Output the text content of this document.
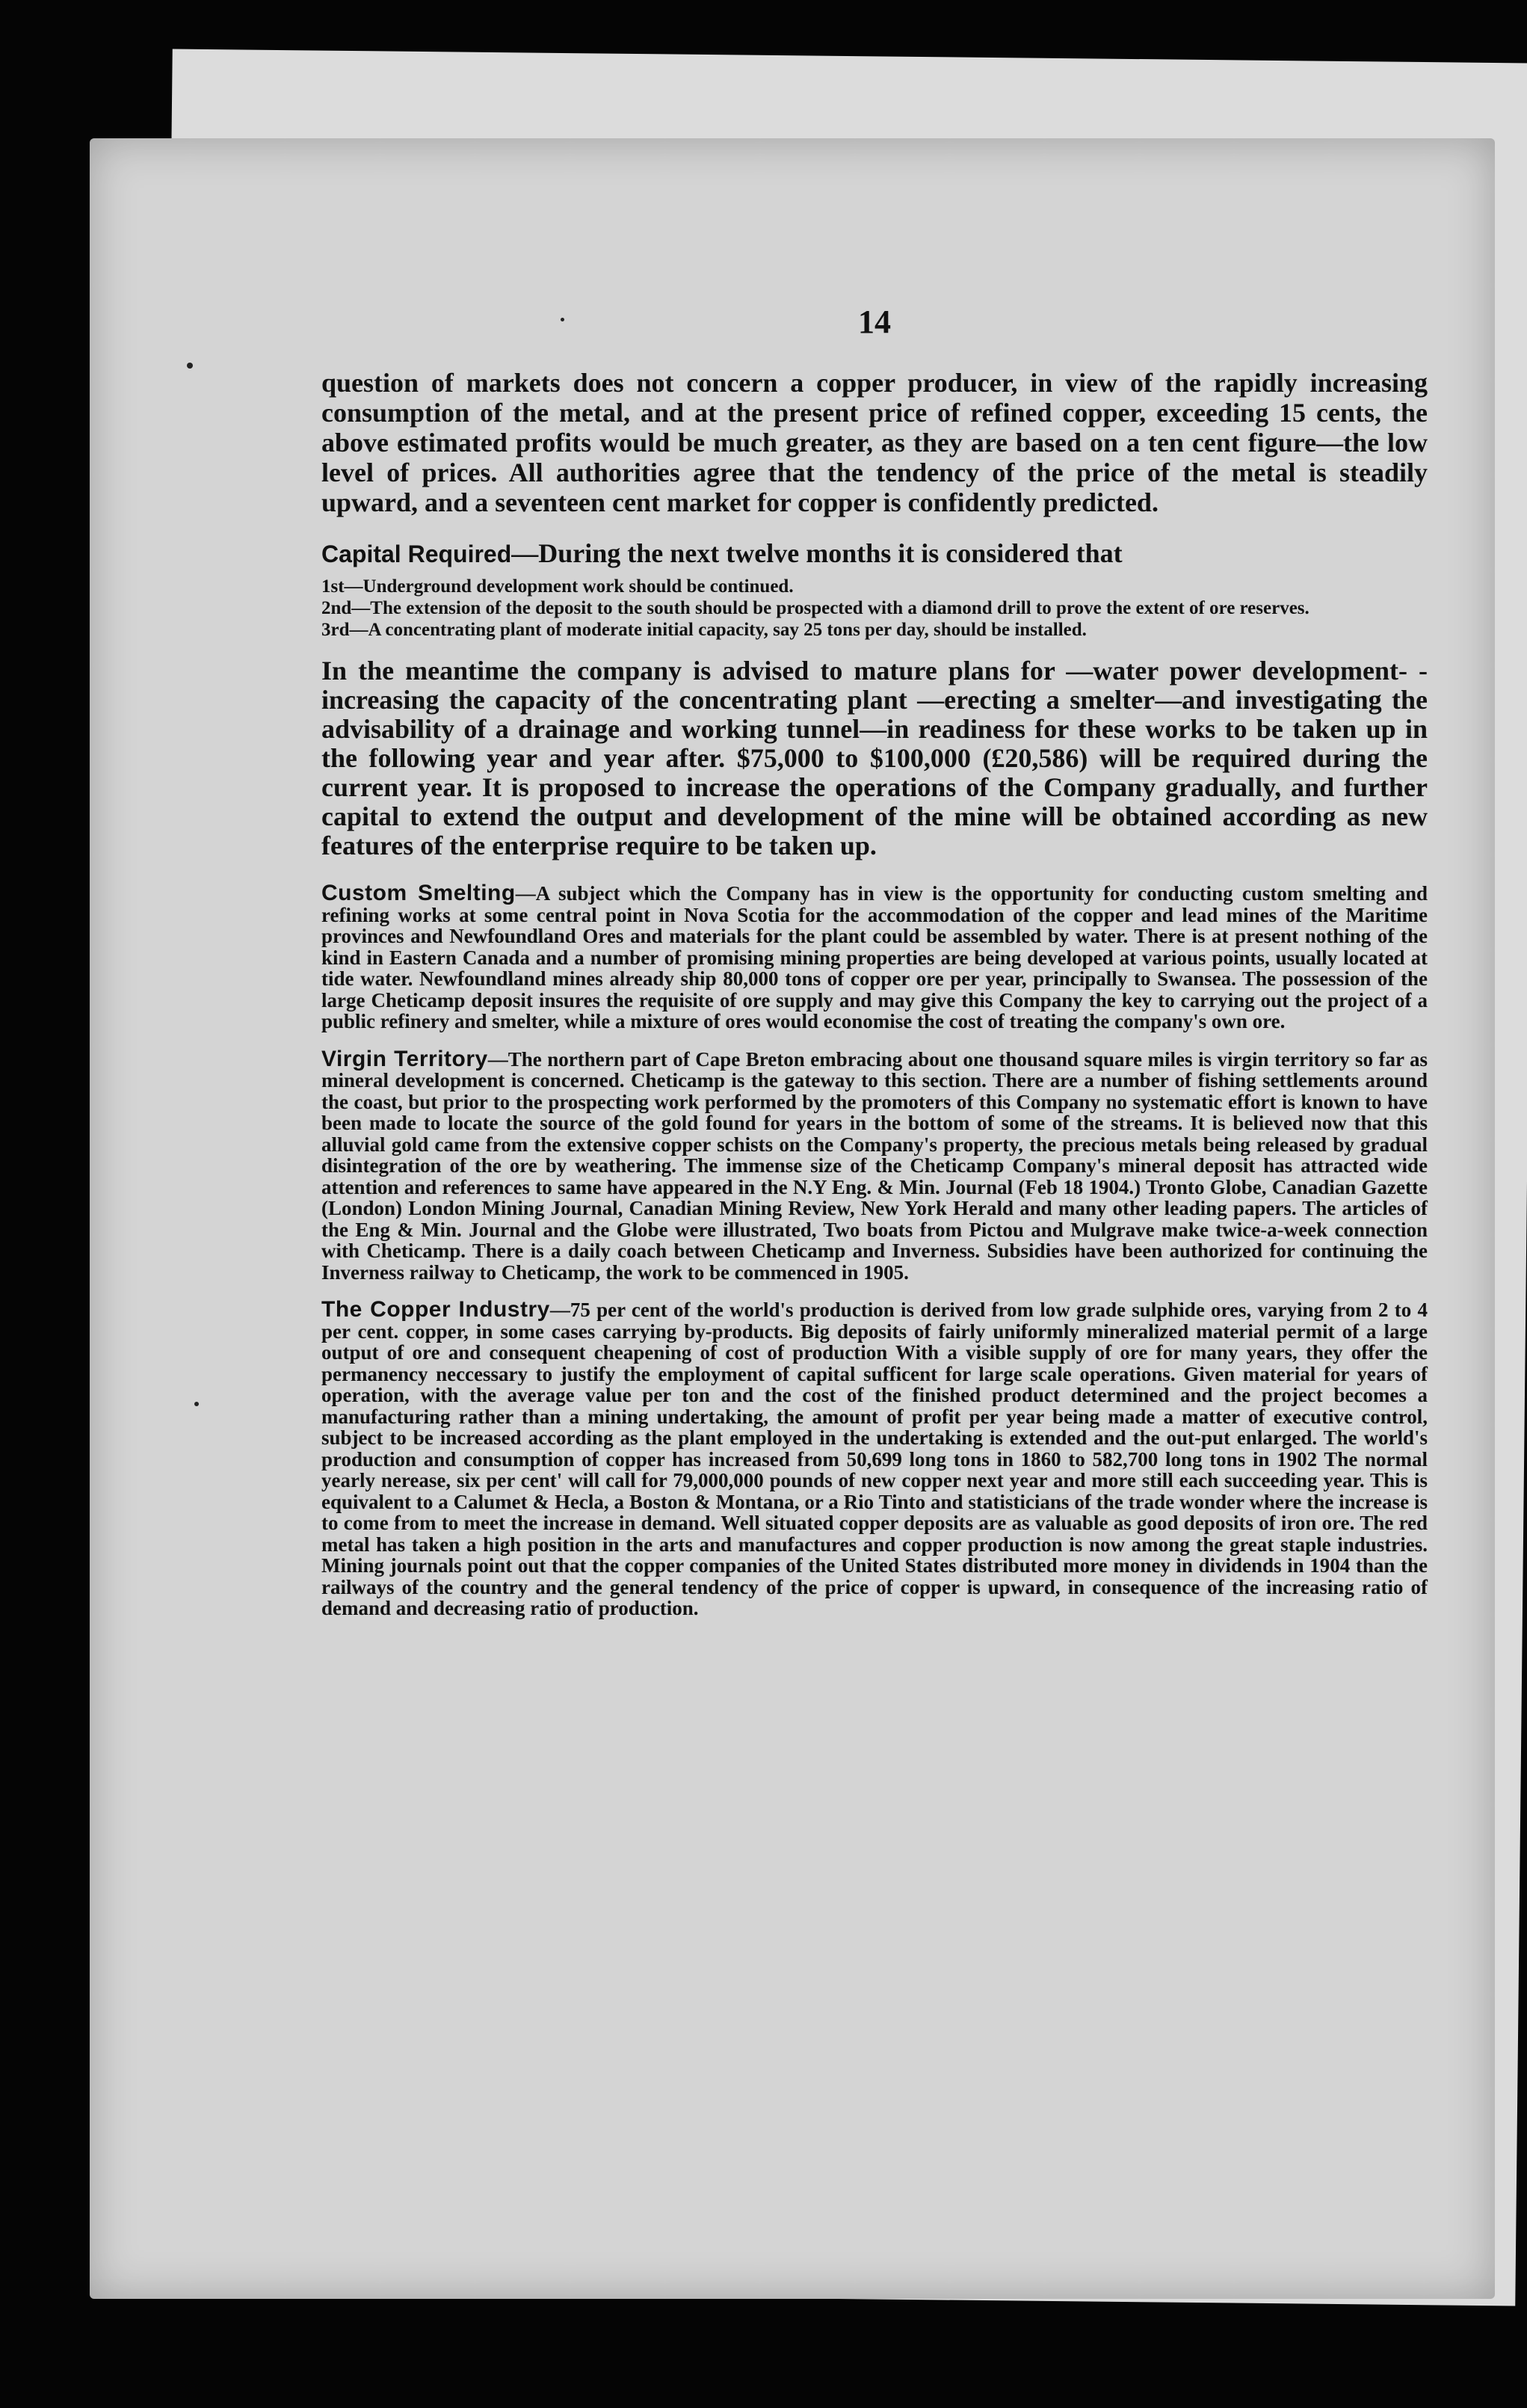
14

question of markets does not concern a copper producer, in view of the rapidly increasing consumption of the metal, and at the present price of refined copper, exceeding 15 cents, the above estimated profits would be much greater, as they are based on a ten cent figure—the low level of prices. All authorities agree that the tendency of the price of the metal is steadily upward, and a seventeen cent market for copper is confidently predicted.

Capital Required—During the next twelve months it is considered that
1st—Underground development work should be continued.
2nd—The extension of the deposit to the south should be prospected with a diamond drill to prove the extent of ore reserves.
3rd—A concentrating plant of moderate initial capacity, say 25 tons per day, should be installed.

In the meantime the company is advised to mature plans for —water power development- -increasing the capacity of the concentrating plant —erecting a smelter—and investigating the advisability of a drainage and working tunnel—in readiness for these works to be taken up in the following year and year after. $75,000 to $100,000 (£20,586) will be required during the current year. It is proposed to increase the operations of the Company gradually, and further capital to extend the output and development of the mine will be obtained according as new features of the enterprise require to be taken up.

Custom Smelting—A subject which the Company has in view is the opportunity for conducting custom smelting and refining works at some central point in Nova Scotia for the accommodation of the copper and lead mines of the Maritime provinces and Newfoundland Ores and materials for the plant could be assembled by water. There is at present nothing of the kind in Eastern Canada and a number of promising mining properties are being developed at various points, usually located at tide water. Newfoundland mines already ship 80,000 tons of copper ore per year, principally to Swansea. The possession of the large Cheticamp deposit insures the requisite of ore supply and may give this Company the key to carrying out the project of a public refinery and smelter, while a mixture of ores would economise the cost of treating the company's own ore.

Virgin Territory—The northern part of Cape Breton embracing about one thousand square miles is virgin territory so far as mineral development is concerned. Cheticamp is the gateway to this section. There are a number of fishing settlements around the coast, but prior to the prospecting work performed by the promoters of this Company no systematic effort is known to have been made to locate the source of the gold found for years in the bottom of some of the streams. It is believed now that this alluvial gold came from the extensive copper schists on the Company's property, the precious metals being released by gradual disintegration of the ore by weathering. The immense size of the Cheticamp Company's mineral deposit has attracted wide attention and references to same have appeared in the N.Y Eng. & Min. Journal (Feb 18 1904.) Tronto Globe, Canadian Gazette (London) London Mining Journal, Canadian Mining Review, New York Herald and many other leading papers. The articles of the Eng & Min. Journal and the Globe were illustrated, Two boats from Pictou and Mulgrave make twice-a-week connection with Cheticamp. There is a daily coach between Cheticamp and Inverness. Subsidies have been authorized for continuing the Inverness railway to Cheticamp, the work to be commenced in 1905.

The Copper Industry—75 per cent of the world's production is derived from low grade sulphide ores, varying from 2 to 4 per cent. copper, in some cases carrying by-products. Big deposits of fairly uniformly mineralized material permit of a large output of ore and consequent cheapening of cost of production With a visible supply of ore for many years, they offer the permanency neccessary to justify the employment of capital sufficent for large scale operations. Given material for years of operation, with the average value per ton and the cost of the finished product determined and the project becomes a manufacturing rather than a mining undertaking, the amount of profit per year being made a matter of executive control, subject to be increased according as the plant employed in the undertaking is extended and the out-put enlarged. The world's production and consumption of copper has increased from 50,699 long tons in 1860 to 582,700 long tons in 1902 The normal yearly nerease, six per cent' will call for 79,000,000 pounds of new copper next year and more still each succeeding year. This is equivalent to a Calumet & Hecla, a Boston & Montana, or a Rio Tinto and statisticians of the trade wonder where the increase is to come from to meet the increase in demand. Well situated copper deposits are as valuable as good deposits of iron ore. The red metal has taken a high position in the arts and manufactures and copper production is now among the great staple industries. Mining journals point out that the copper companies of the United States distributed more money in dividends in 1904 than the railways of the country and the general tendency of the price of copper is upward, in consequence of the increasing ratio of demand and decreasing ratio of production.
